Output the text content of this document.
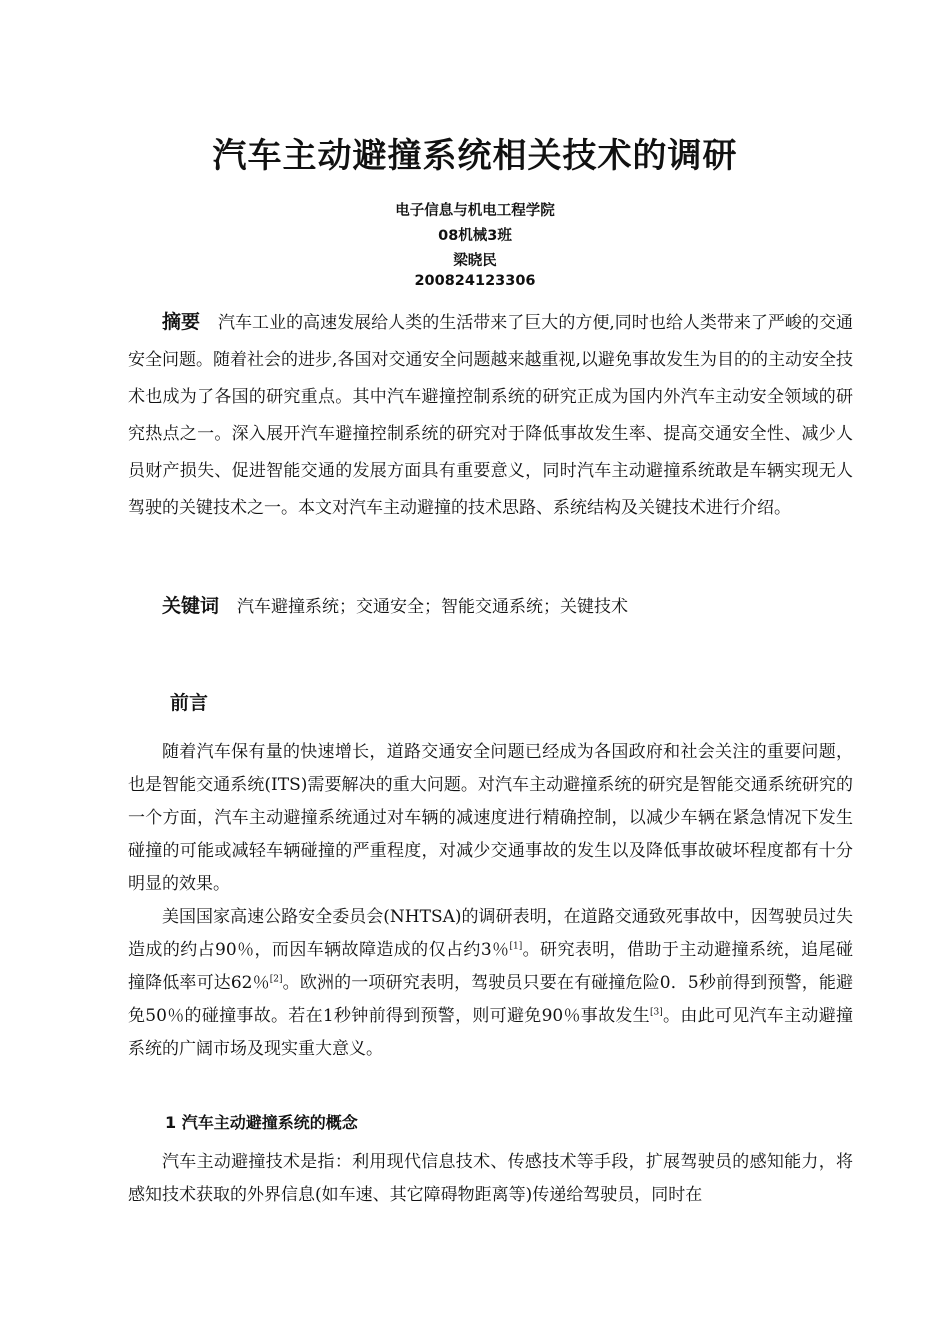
汽车主动避撞系统相关技术的调研
电子信息与机电工程学院
08机械3班
梁晓民
200824123306

摘要 汽车工业的高速发展给人类的生活带来了巨大的方便,同时也给人类带来了严峻的交通安全问题。随着社会的进步,各国对交通安全问题越来越重视,以避免事故发生为目的的主动安全技术也成为了各国的研究重点。其中汽车避撞控制系统的研究正成为国内外汽车主动安全领域的研究热点之一。深入展开汽车避撞控制系统的研究对于降低事故发生率、提高交通安全性、减少人员财产损失、促进智能交通的发展方面具有重要意义，同时汽车主动避撞系统敢是车辆实现无人驾驶的关键技术之一。本文对汽车主动避撞的技术思路、系统结构及关键技术进行介绍。

关键词 汽车避撞系统；交通安全；智能交通系统；关键技术

前言

随着汽车保有量的快速增长，道路交通安全问题已经成为各国政府和社会关注的重要问题，也是智能交通系统(ITS)需要解决的重大问题。对汽车主动避撞系统的研究是智能交通系统研究的一个方面，汽车主动避撞系统通过对车辆的减速度进行精确控制，以减少车辆在紧急情况下发生碰撞的可能或减轻车辆碰撞的严重程度，对减少交通事故的发生以及降低事故破坏程度都有十分明显的效果。

美国国家高速公路安全委员会(NHTSA)的调研表明，在道路交通致死事故中，因驾驶员过失造成的约占90％，而因车辆故障造成的仅占约3％[1]。研究表明，借助于主动避撞系统，追尾碰撞降低率可达62％[2]。欧洲的一项研究表明，驾驶员只要在有碰撞危险0．5秒前得到预警，能避免50％的碰撞事故。若在1秒钟前得到预警，则可避免90％事故发生[3]。由此可见汽车主动避撞系统的广阔市场及现实重大意义。

1 汽车主动避撞系统的概念

汽车主动避撞技术是指：利用现代信息技术、传感技术等手段，扩展驾驶员的感知能力，将感知技术获取的外界信息(如车速、其它障碍物距离等)传递给驾驶员，同时在
